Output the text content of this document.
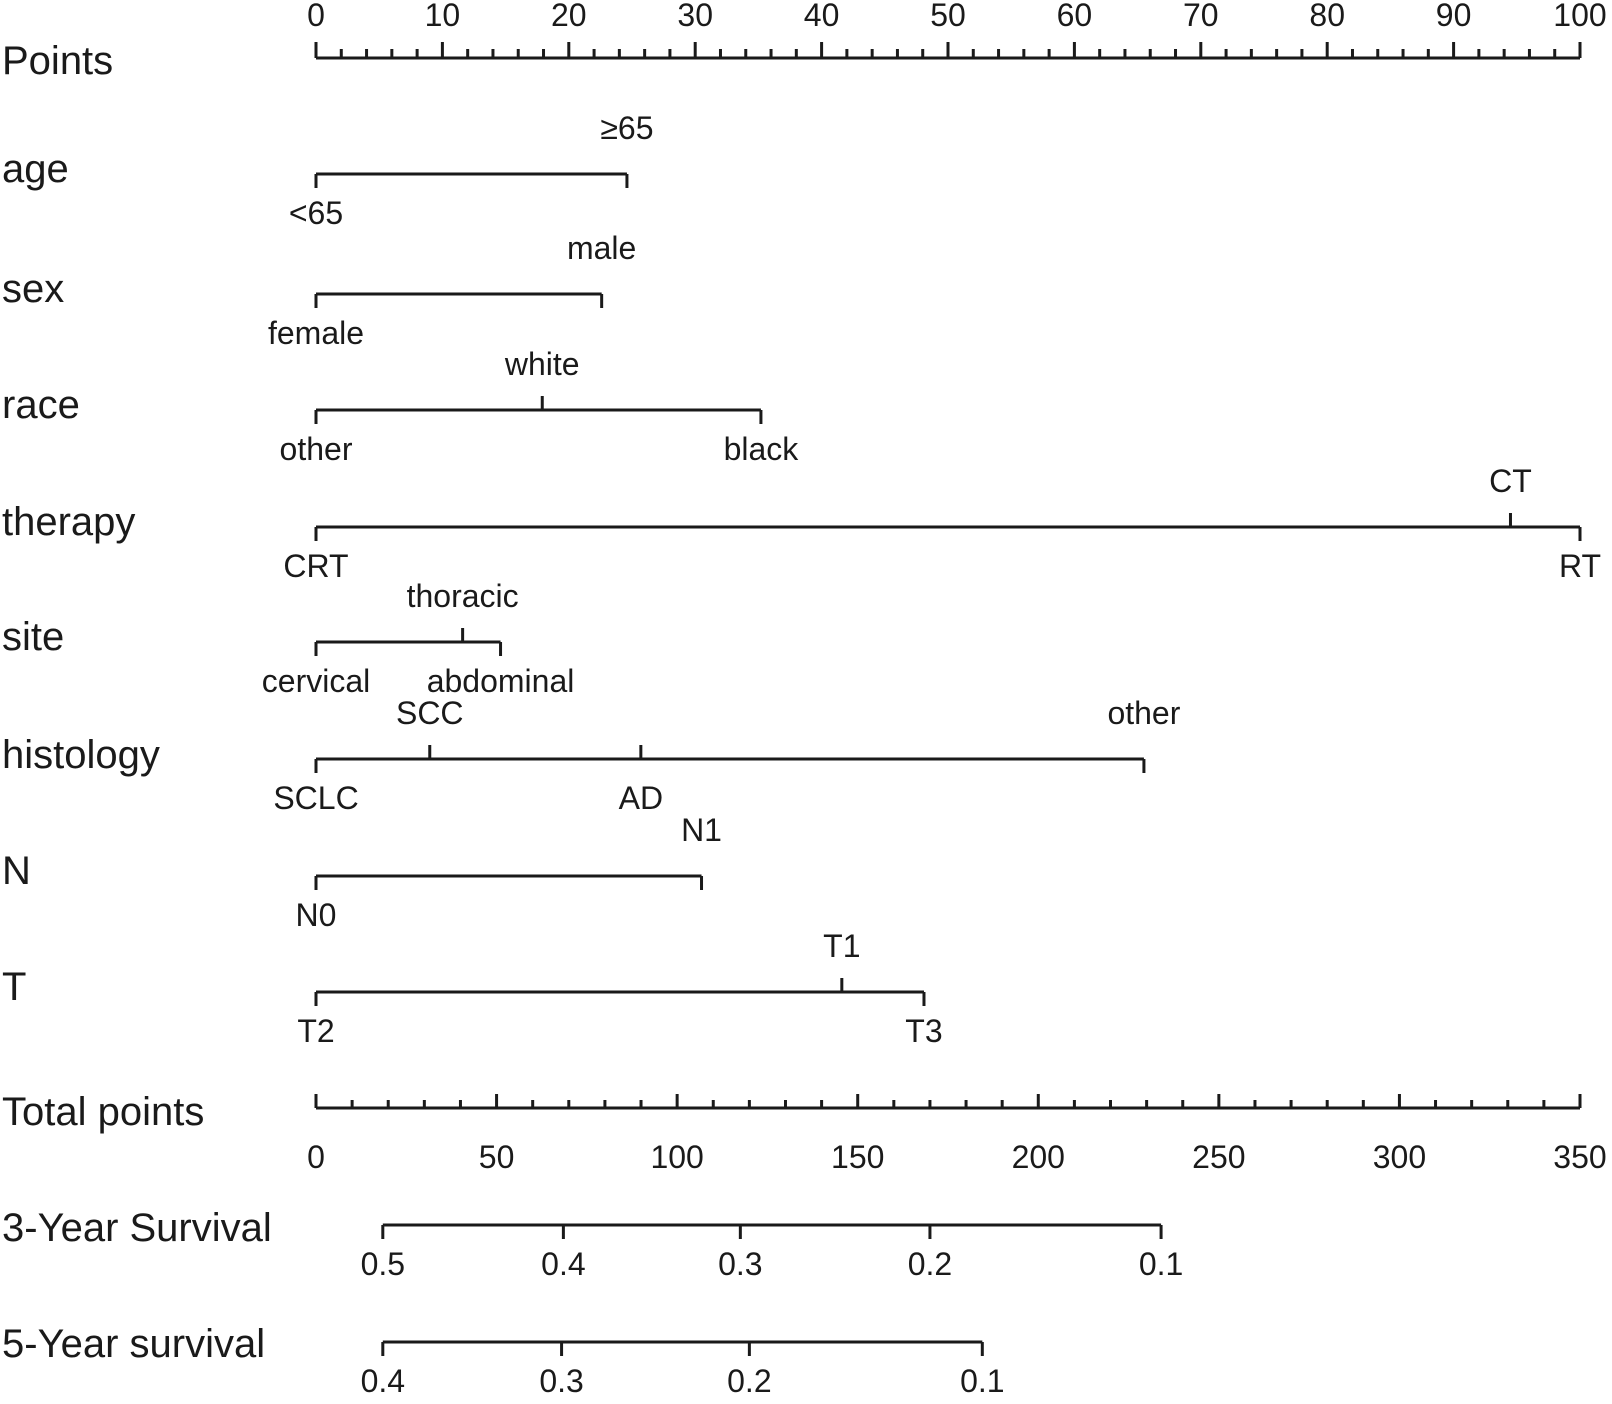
Points
0	10	20	30	40	50	60	70	80	90	100
age
<65
≥65
sex
female
male
race
other
white
black
therapy
CRT
CT
RT
site
cervical
thoracic
abdominal
histology
SCLC
SCC
AD
other
N
N0
N1
T
T2
T1
T3
Total points
0	50	100	150	200	250	300	350
3-Year Survival
0.5	0.4	0.3	0.2	0.1
5-Year survival
0.4	0.3	0.2	0.1
